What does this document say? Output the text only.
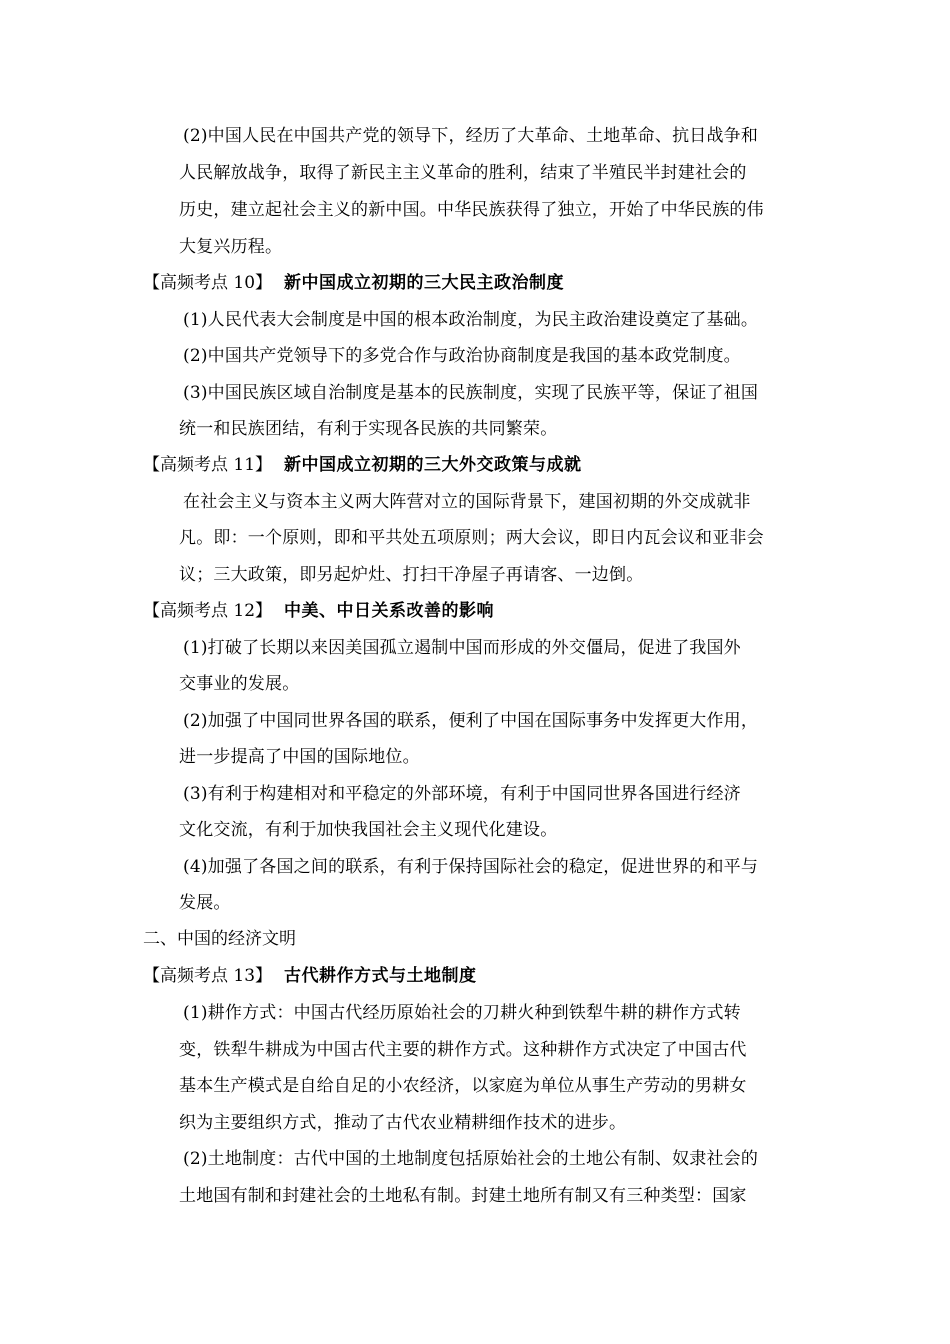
(2)中国人民在中国共产党的领导下，经历了大革命、土地革命、抗日战争和
人民解放战争，取得了新民主主义革命的胜利，结束了半殖民半封建社会的
历史，建立起社会主义的新中国。中华民族获得了独立，开始了中华民族的伟
大复兴历程。
【高频考点 10】 新中国成立初期的三大民主政治制度
(1)人民代表大会制度是中国的根本政治制度，为民主政治建设奠定了基础。
(2)中国共产党领导下的多党合作与政治协商制度是我国的基本政党制度。
(3)中国民族区域自治制度是基本的民族制度，实现了民族平等，保证了祖国
统一和民族团结，有利于实现各民族的共同繁荣。
【高频考点 11】 新中国成立初期的三大外交政策与成就
在社会主义与资本主义两大阵营对立的国际背景下，建国初期的外交成就非
凡。即：一个原则，即和平共处五项原则；两大会议，即日内瓦会议和亚非会
议；三大政策，即另起炉灶、打扫干净屋子再请客、一边倒。
【高频考点 12】 中美、中日关系改善的影响
(1)打破了长期以来因美国孤立遏制中国而形成的外交僵局，促进了我国外
交事业的发展。
(2)加强了中国同世界各国的联系，便利了中国在国际事务中发挥更大作用，
进一步提高了中国的国际地位。
(3)有利于构建相对和平稳定的外部环境，有利于中国同世界各国进行经济
文化交流，有利于加快我国社会主义现代化建设。
(4)加强了各国之间的联系，有利于保持国际社会的稳定，促进世界的和平与
发展。
二、中国的经济文明
【高频考点 13】 古代耕作方式与土地制度
(1)耕作方式：中国古代经历原始社会的刀耕火种到铁犁牛耕的耕作方式转
变，铁犁牛耕成为中国古代主要的耕作方式。这种耕作方式决定了中国古代
基本生产模式是自给自足的小农经济，以家庭为单位从事生产劳动的男耕女
织为主要组织方式，推动了古代农业精耕细作技术的进步。
(2)土地制度：古代中国的土地制度包括原始社会的土地公有制、奴隶社会的
土地国有制和封建社会的土地私有制。封建土地所有制又有三种类型：国家
